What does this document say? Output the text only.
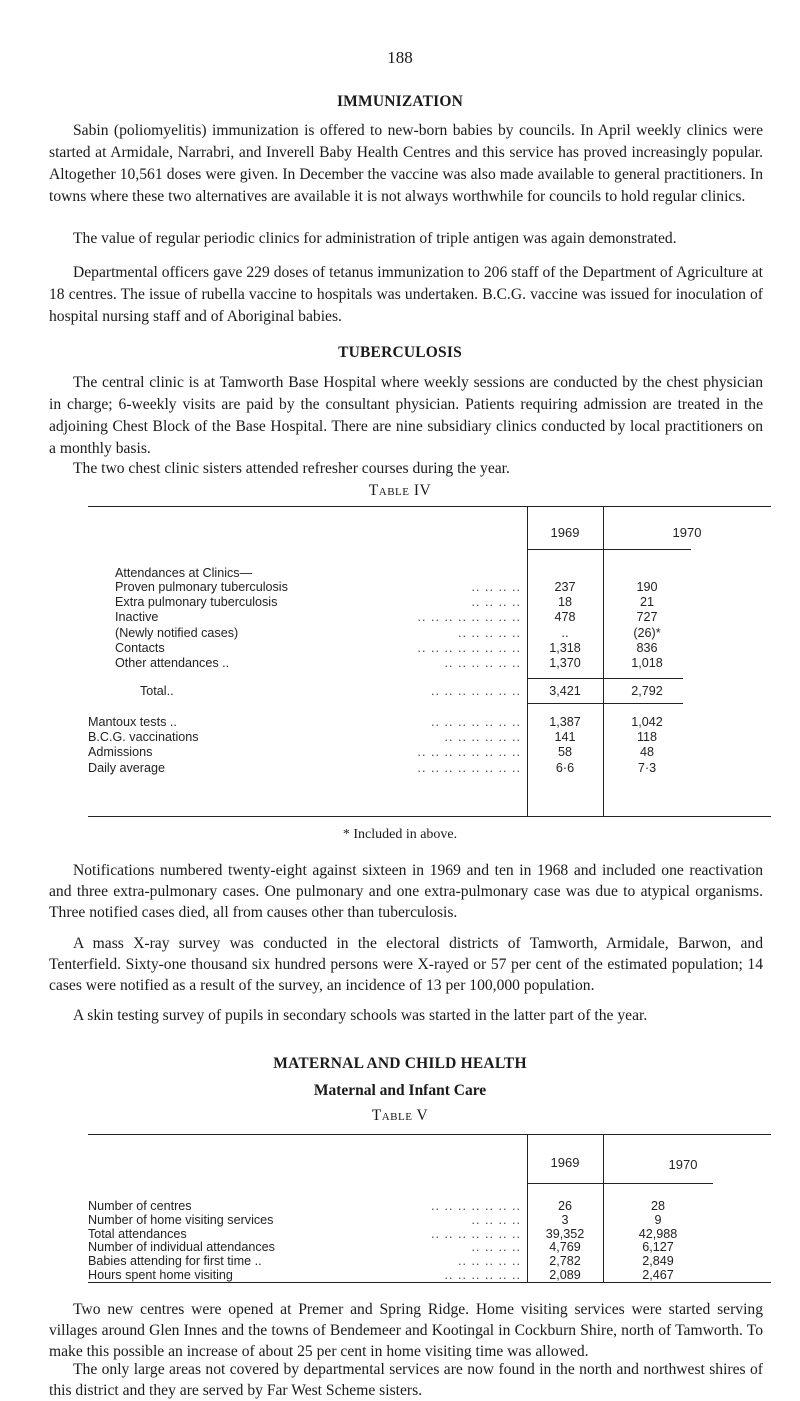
188
IMMUNIZATION

Sabin (poliomyelitis) immunization is offered to new-born babies by councils. In April weekly clinics were started at Armidale, Narrabri, and Inverell Baby Health Centres and this service has proved increasingly popular. Altogether 10,561 doses were given. In December the vaccine was also made available to general practitioners. In towns where these two alternatives are available it is not always worthwhile for councils to hold regular clinics.

The value of regular periodic clinics for administration of triple antigen was again demonstrated.

Departmental officers gave 229 doses of tetanus immunization to 206 staff of the Department of Agriculture at 18 centres. The issue of rubella vaccine to hospitals was undertaken. B.C.G. vaccine was issued for inoculation of hospital nursing staff and of Aboriginal babies.

TUBERCULOSIS

The central clinic is at Tamworth Base Hospital where weekly sessions are conducted by the chest physician in charge; 6-weekly visits are paid by the consultant physician. Patients requiring admission are treated in the adjoining Chest Block of the Base Hospital. There are nine subsidiary clinics conducted by local practitioners on a monthly basis.

The two chest clinic sisters attended refresher courses during the year.

Table IV
1969	1970
Attendances at Clinics—
Proven pulmonary tuberculosis	.. .. .. ..	237	190
Extra pulmonary tuberculosis	.. .. .. ..	18	21
Inactive	.. .. .. .. .. .. .. ..	478	727
(Newly notified cases)	.. .. .. .. ..	..	(26)*
Contacts	.. .. .. .. .. .. .. ..	1,318	836
Other attendances ..	.. .. .. .. .. ..	1,370	1,018
Total..	.. .. .. .. .. .. ..	3,421	2,792
Mantoux tests ..	.. .. .. .. .. .. ..	1,387	1,042
B.C.G. vaccinations	.. .. .. .. .. ..	141	118
Admissions	.. .. .. .. .. .. .. ..	58	48
Daily average	.. .. .. .. .. .. .. ..	6·6	7·3
* Included in above.

Notifications numbered twenty-eight against sixteen in 1969 and ten in 1968 and included one reactivation and three extra-pulmonary cases. One pulmonary and one extra-pulmonary case was due to atypical organisms. Three notified cases died, all from causes other than tuberculosis.

A mass X-ray survey was conducted in the electoral districts of Tamworth, Armidale, Barwon, and Tenterfield. Sixty-one thousand six hundred persons were X-rayed or 57 per cent of the estimated population; 14 cases were notified as a result of the survey, an incidence of 13 per 100,000 population.

A skin testing survey of pupils in secondary schools was started in the latter part of the year.

MATERNAL AND CHILD HEALTH
Maternal and Infant Care
Table V
1969	1970
Number of centres	.. .. .. .. .. .. ..	26	28
Number of home visiting services	.. .. .. ..	3	9
Total attendances	.. .. .. .. .. .. ..	39,352	42,988
Number of individual attendances	.. .. .. ..	4,769	6,127
Babies attending for first time ..	.. .. .. .. ..	2,782	2,849
Hours spent home visiting	.. .. .. .. .. ..	2,089	2,467

Two new centres were opened at Premer and Spring Ridge. Home visiting services were started serving villages around Glen Innes and the towns of Bendemeer and Kootingal in Cockburn Shire, north of Tamworth. To make this possible an increase of about 25 per cent in home visiting time was allowed.

The only large areas not covered by departmental services are now found in the north and northwest shires of this district and they are served by Far West Scheme sisters.
